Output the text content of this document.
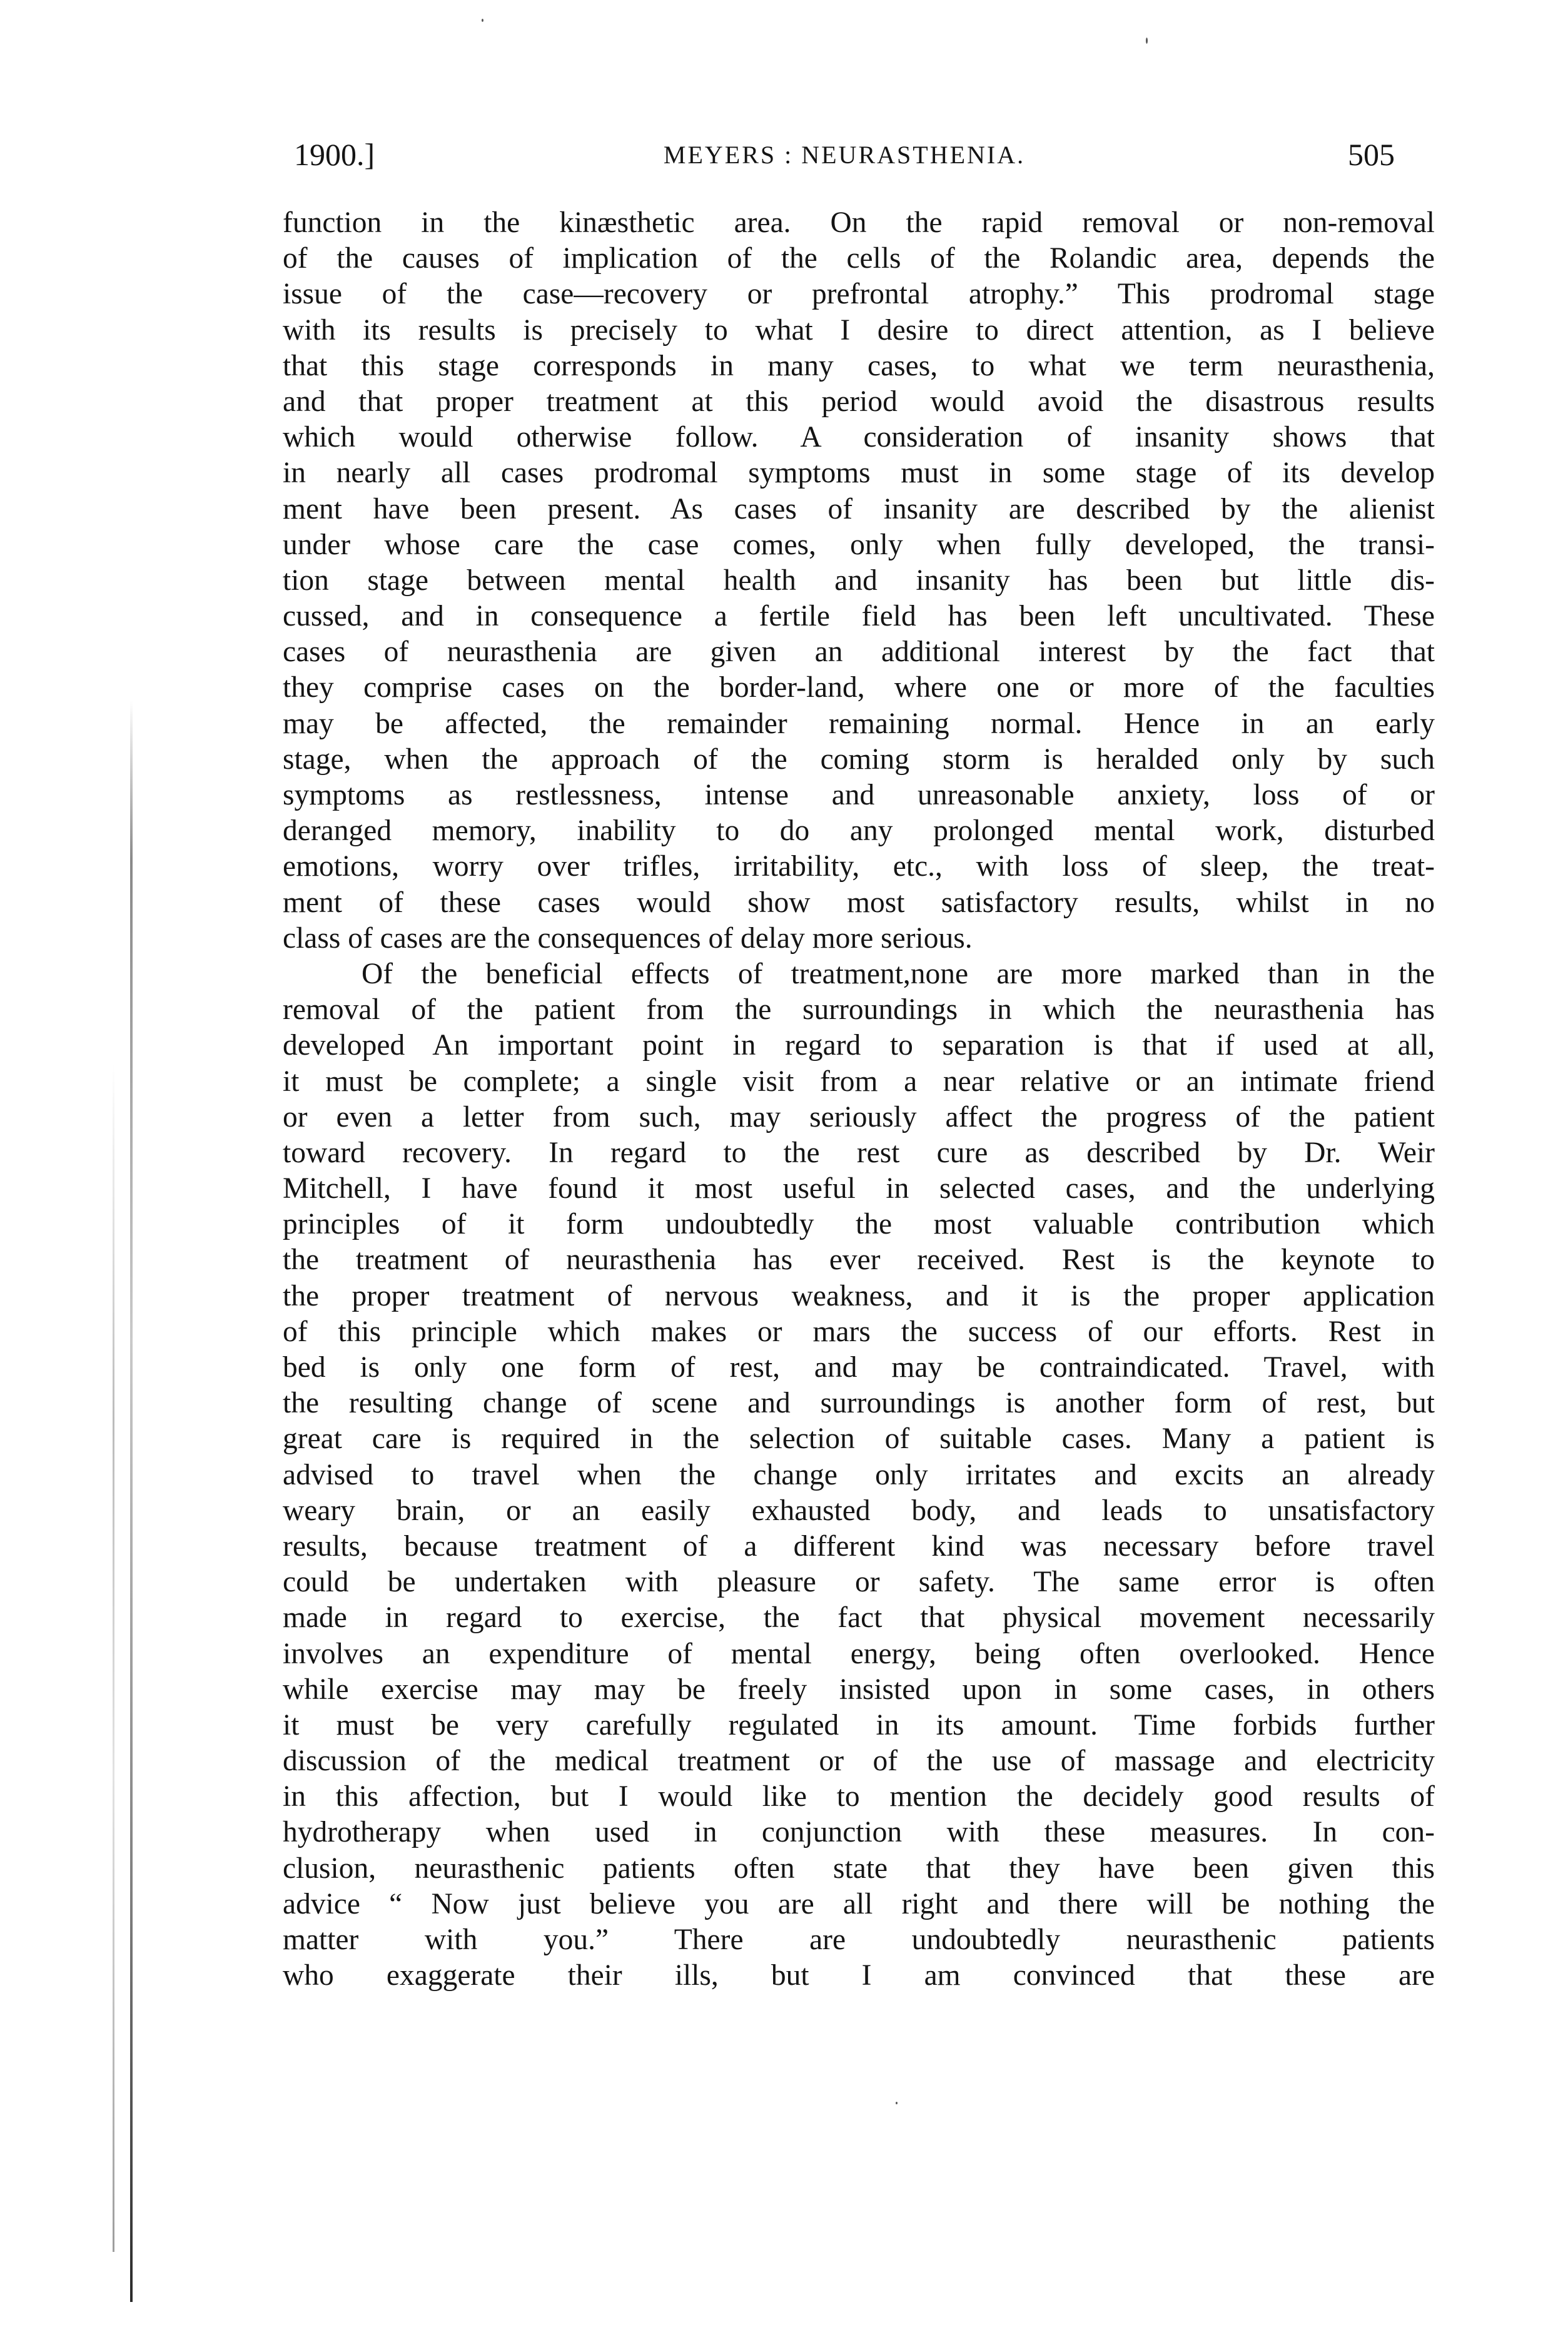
1900.]	MEYERS : NEURASTHENIA.	505
function in the kinæsthetic area. On the rapid removal or non-removal
of the causes of implication of the cells of the Rolandic area, depends the
issue of the case—recovery or prefrontal atrophy.” This prodromal stage
with its results is precisely to what I desire to direct attention, as I believe
that this stage corresponds in many cases, to what we term neurasthenia,
and that proper treatment at this period would avoid the disastrous results
which would otherwise follow. A consideration of insanity shows that
in nearly all cases prodromal symptoms must in some stage of its develop
ment have been present. As cases of insanity are described by the alienist
under whose care the case comes, only when fully developed, the transi-
tion stage between mental health and insanity has been but little dis-
cussed, and in consequence a fertile field has been left uncultivated. These
cases of neurasthenia are given an additional interest by the fact that
they comprise cases on the border-land, where one or more of the faculties
may be affected, the remainder remaining normal. Hence in an early
stage, when the approach of the coming storm is heralded only by such
symptoms as restlessness, intense and unreasonable anxiety, loss of or
deranged memory, inability to do any prolonged mental work, disturbed
emotions, worry over trifles, irritability, etc., with loss of sleep, the treat-
ment of these cases would show most satisfactory results, whilst in no
class of cases are the consequences of delay more serious.
Of the beneficial effects of treatment,none are more marked than in the
removal of the patient from the surroundings in which the neurasthenia has
developed An important point in regard to separation is that if used at all,
it must be complete; a single visit from a near relative or an intimate friend
or even a letter from such, may seriously affect the progress of the patient
toward recovery. In regard to the rest cure as described by Dr. Weir
Mitchell, I have found it most useful in selected cases, and the underlying
principles of it form undoubtedly the most valuable contribution which
the treatment of neurasthenia has ever received. Rest is the keynote to
the proper treatment of nervous weakness, and it is the proper application
of this principle which makes or mars the success of our efforts. Rest in
bed is only one form of rest, and may be contraindicated. Travel, with
the resulting change of scene and surroundings is another form of rest, but
great care is required in the selection of suitable cases. Many a patient is
advised to travel when the change only irritates and excits an already
weary brain, or an easily exhausted body, and leads to unsatisfactory
results, because treatment of a different kind was necessary before travel
could be undertaken with pleasure or safety. The same error is often
made in regard to exercise, the fact that physical movement necessarily
involves an expenditure of mental energy, being often overlooked. Hence
while exercise may may be freely insisted upon in some cases, in others
it must be very carefully regulated in its amount. Time forbids further
discussion of the medical treatment or of the use of massage and electricity
in this affection, but I would like to mention the decidely good results of
hydrotherapy when used in conjunction with these measures. In con-
clusion, neurasthenic patients often state that they have been given this
advice “ Now just believe you are all right and there will be nothing the
matter with you.” There are undoubtedly neurasthenic patients
who exaggerate their ills, but I am convinced that these are
